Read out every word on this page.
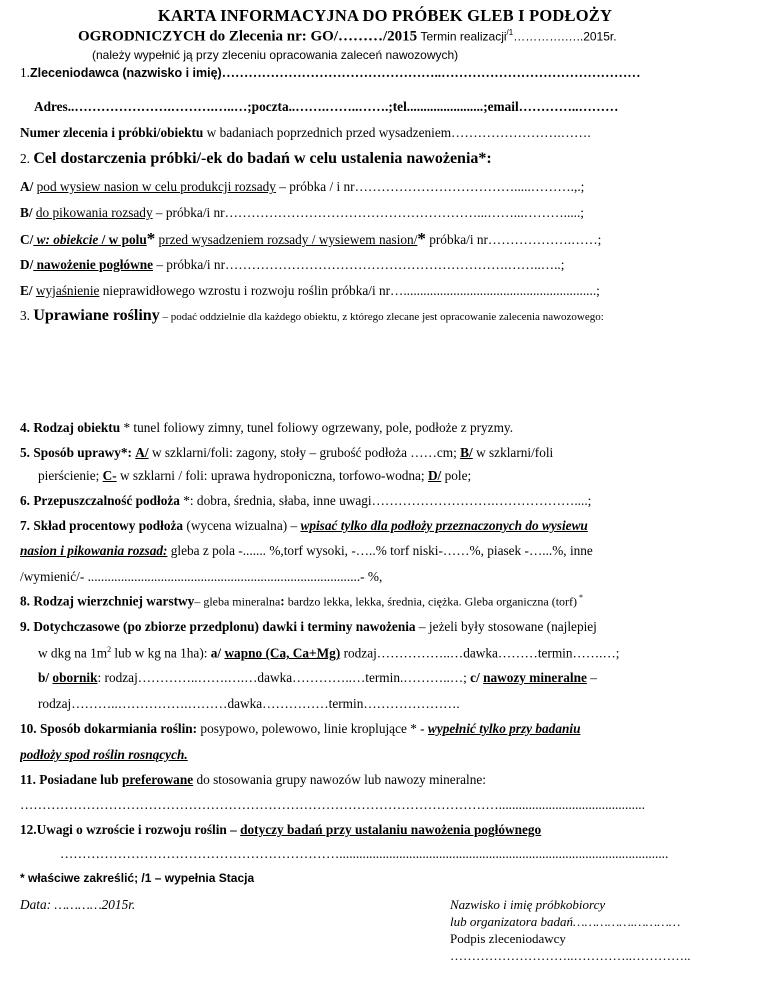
KARTA INFORMACYJNA DO PRÓBEK GLEB I PODŁOŻY
OGRODNICZYCH do Zlecenia nr: GO/………/2015 Termin realizacji$^{/1}$………….…..2015r.
(należy wypełnić ją przy zleceniu opracowania zaleceń nawozowych)
1.Zleceniodawca (nazwisko i imię)…………………………………………..………………………………………
Adres..………………….……….…..…;poczta..…….……..…….;tel.......................;email…………..………
Numer zlecenia i próbki/obiektu w badaniach poprzednich przed wysadzeniem…………………….…….
2. Cel dostarczenia próbki/-ek do badań w celu ustalenia nawożenia*:
A/ pod wysiew nasion w celu produkcji rozsady – próbka / i nr……………………………….....……….,.;
B/ do pikowania rozsady – próbka/i nr…………………………………………………...……...……….....;
C/ w: obiekcie / w polu* przed wysadzeniem rozsady / wysiewem nasion/* próbka/i nr……………….……;
D/ nawożenie pogłówne – próbka/i nr……………………………………………………….……..…..;
E/ wyjaśnienie nieprawidłowego wzrostu i rozwoju roślin próbka/i nr…..........................................................;
3. Uprawiane rośliny – podać oddzielnie dla każdego obiektu, z którego zlecane jest opracowanie zalecenia nawozowego:
4. Rodzaj obiektu * tunel foliowy zimny, tunel foliowy ogrzewany, pole, podłoże z pryzmy.
5. Sposób uprawy*: A/ w szklarni/foli: zagony, stoły – grubość podłoża ……cm; B/ w szklarni/foli
pierścienie; C- w szklarni / foli: uprawa hydroponiczna, torfowo-wodna; D/ pole;
6. Przepuszczalność podłoża *: dobra, średnia, słaba, inne uwagi……………………….………………....;
7. Skład procentowy podłoża (wycena wizualna) – wpisać tylko dla podłoży przeznaczonych do wysiewu
nasion i pikowania rozsad: gleba z pola -....... %,torf wysoki, -…..% torf niski-……%, piasek -…...%, inne
/wymienić/- ..................................................................................- %,
8. Rodzaj wierzchniej warstwy– gleba mineralna: bardzo lekka, lekka, średnia, ciężka. Gleba organiczna (torf) *
9. Dotychczasowe (po zbiorze przedplonu) dawki i terminy nawożenia – jeżeli były stosowane (najlepiej
w dkg na $1m^2$ lub w kg na 1ha): a/ wapno (Ca, Ca+Mg) rodzaj……………..…dawka………termin…….…;
b/ obornik: rodzaj…………..…….….…dawka…………..…termin.………..…; c/ nawozy mineralne –
rodzaj………..…………….………dawka……………termin………………….
10. Sposób dokarmiania roślin: posypowo, polewowo, linie kroplujące * - wypełnić tylko przy badaniu
podłoży spod roślin rosnących.
11. Posiadane lub preferowane do stosowania grupy nawozów lub nawozy mineralne:
………………………………………………………………………………………………............................................
12.Uwagi o wzroście i rozwoju roślin – dotyczy badań przy ustalaniu nawożenia pogłównego
………………………………………………………...................................................................................................
* właściwe zakreślić; /1 – wypełnia Stacja
Data: …………2015r.	Nazwisko i imię próbkobiorcy
lub organizatora badań…………….…………
Podpis zleceniodawcy
………………………..…………..…………..
